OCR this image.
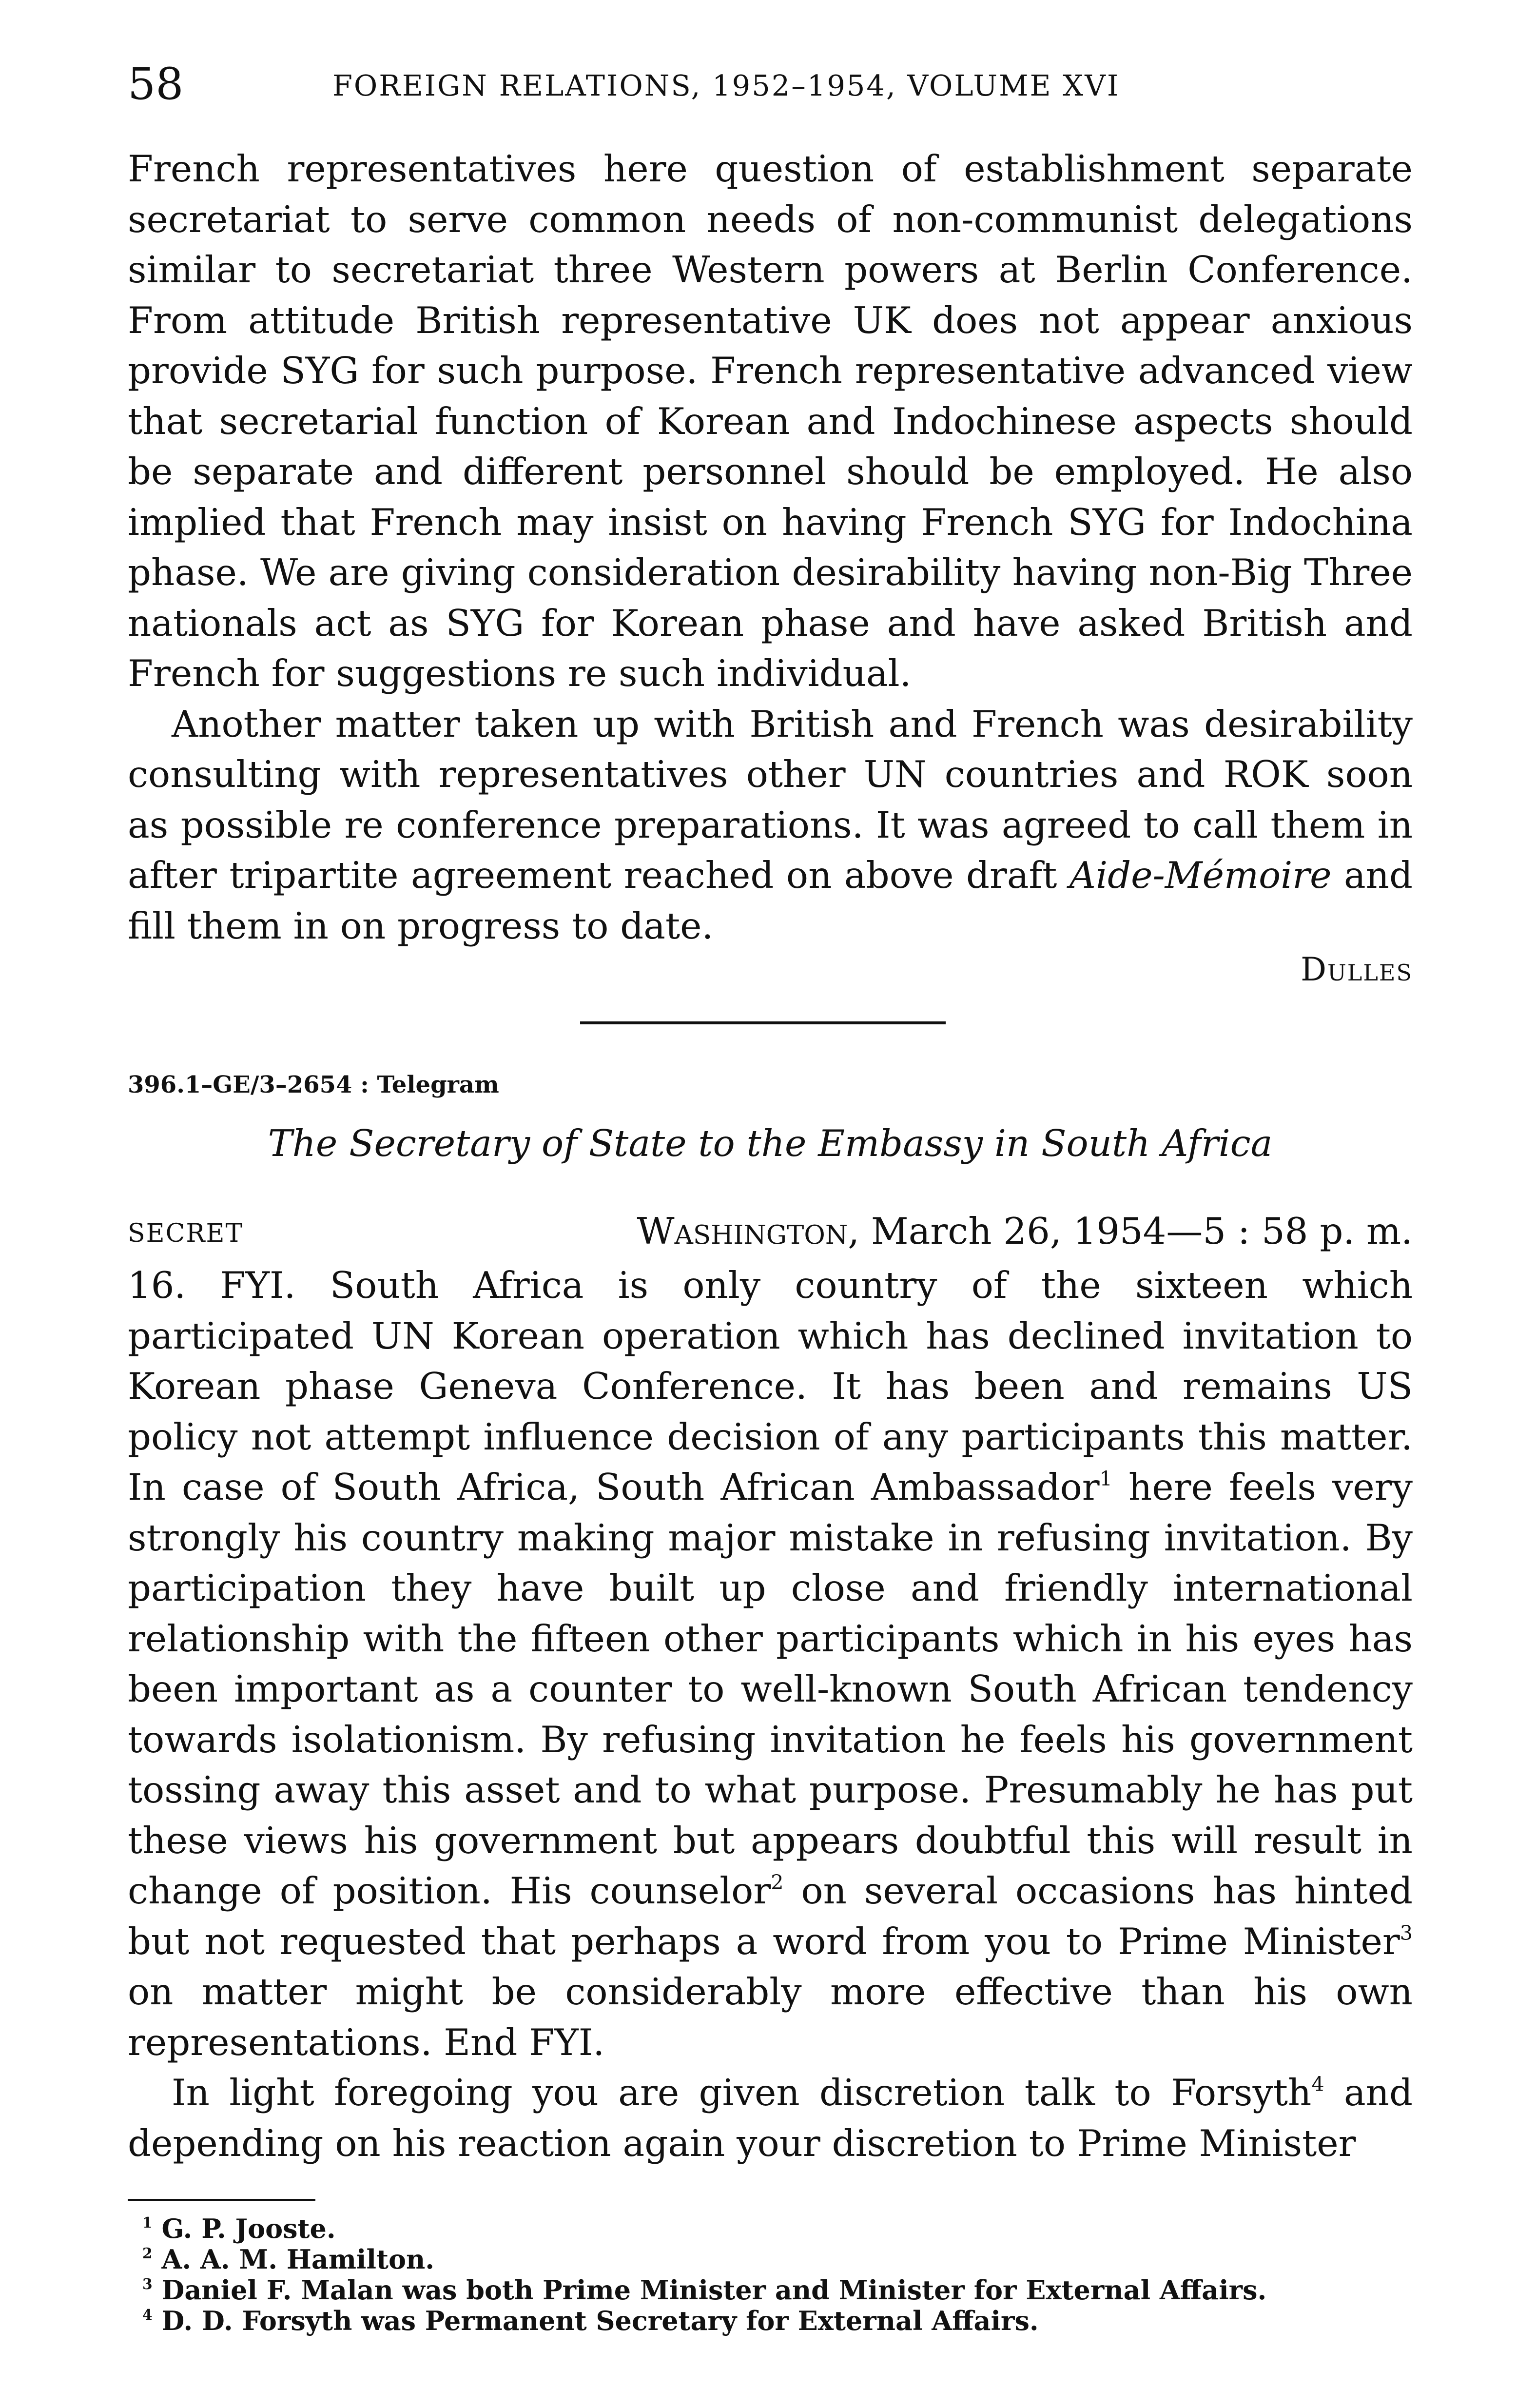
58	FOREIGN RELATIONS, 1952–1954, VOLUME XVI

French representatives here question of establishment separate secretariat to serve common needs of non-communist delegations similar to secretariat three Western powers at Berlin Conference. From attitude British representative UK does not appear anxious provide SYG for such purpose. French representative advanced view that secretarial function of Korean and Indochinese aspects should be separate and different personnel should be employed. He also implied that French may insist on having French SYG for Indochina phase. We are giving consideration desirability having non-Big Three nationals act as SYG for Korean phase and have asked British and French for suggestions re such individual.

Another matter taken up with British and French was desirability consulting with representatives other UN countries and ROK soon as possible re conference preparations. It was agreed to call them in after tripartite agreement reached on above draft Aide-Mémoire and fill them in on progress to date.

Dulles
396.1–GE/3–2654 : Telegram
The Secretary of State to the Embassy in South Africa
SECRET	Washington, March 26, 1954—5 : 58 p. m.

16. FYI. South Africa is only country of the sixteen which participated UN Korean operation which has declined invitation to Korean phase Geneva Conference. It has been and remains US policy not attempt influence decision of any participants this matter. In case of South Africa, South African Ambassador$^1$ here feels very strongly his country making major mistake in refusing invitation. By participation they have built up close and friendly international relationship with the fifteen other participants which in his eyes has been important as a counter to well-known South African tendency towards isolationism. By refusing invitation he feels his government tossing away this asset and to what purpose. Presumably he has put these views his government but appears doubtful this will result in change of position. His counselor$^2$ on several occasions has hinted but not requested that perhaps a word from you to Prime Minister$^3$ on matter might be considerably more effective than his own representations. End FYI.

In light foregoing you are given discretion talk to Forsyth$^4$ and depending on his reaction again your discretion to Prime Minister

$^1$ G. P. Jooste.

$^2$ A. A. M. Hamilton.

$^3$ Daniel F. Malan was both Prime Minister and Minister for External Affairs.

$^4$ D. D. Forsyth was Permanent Secretary for External Affairs.
